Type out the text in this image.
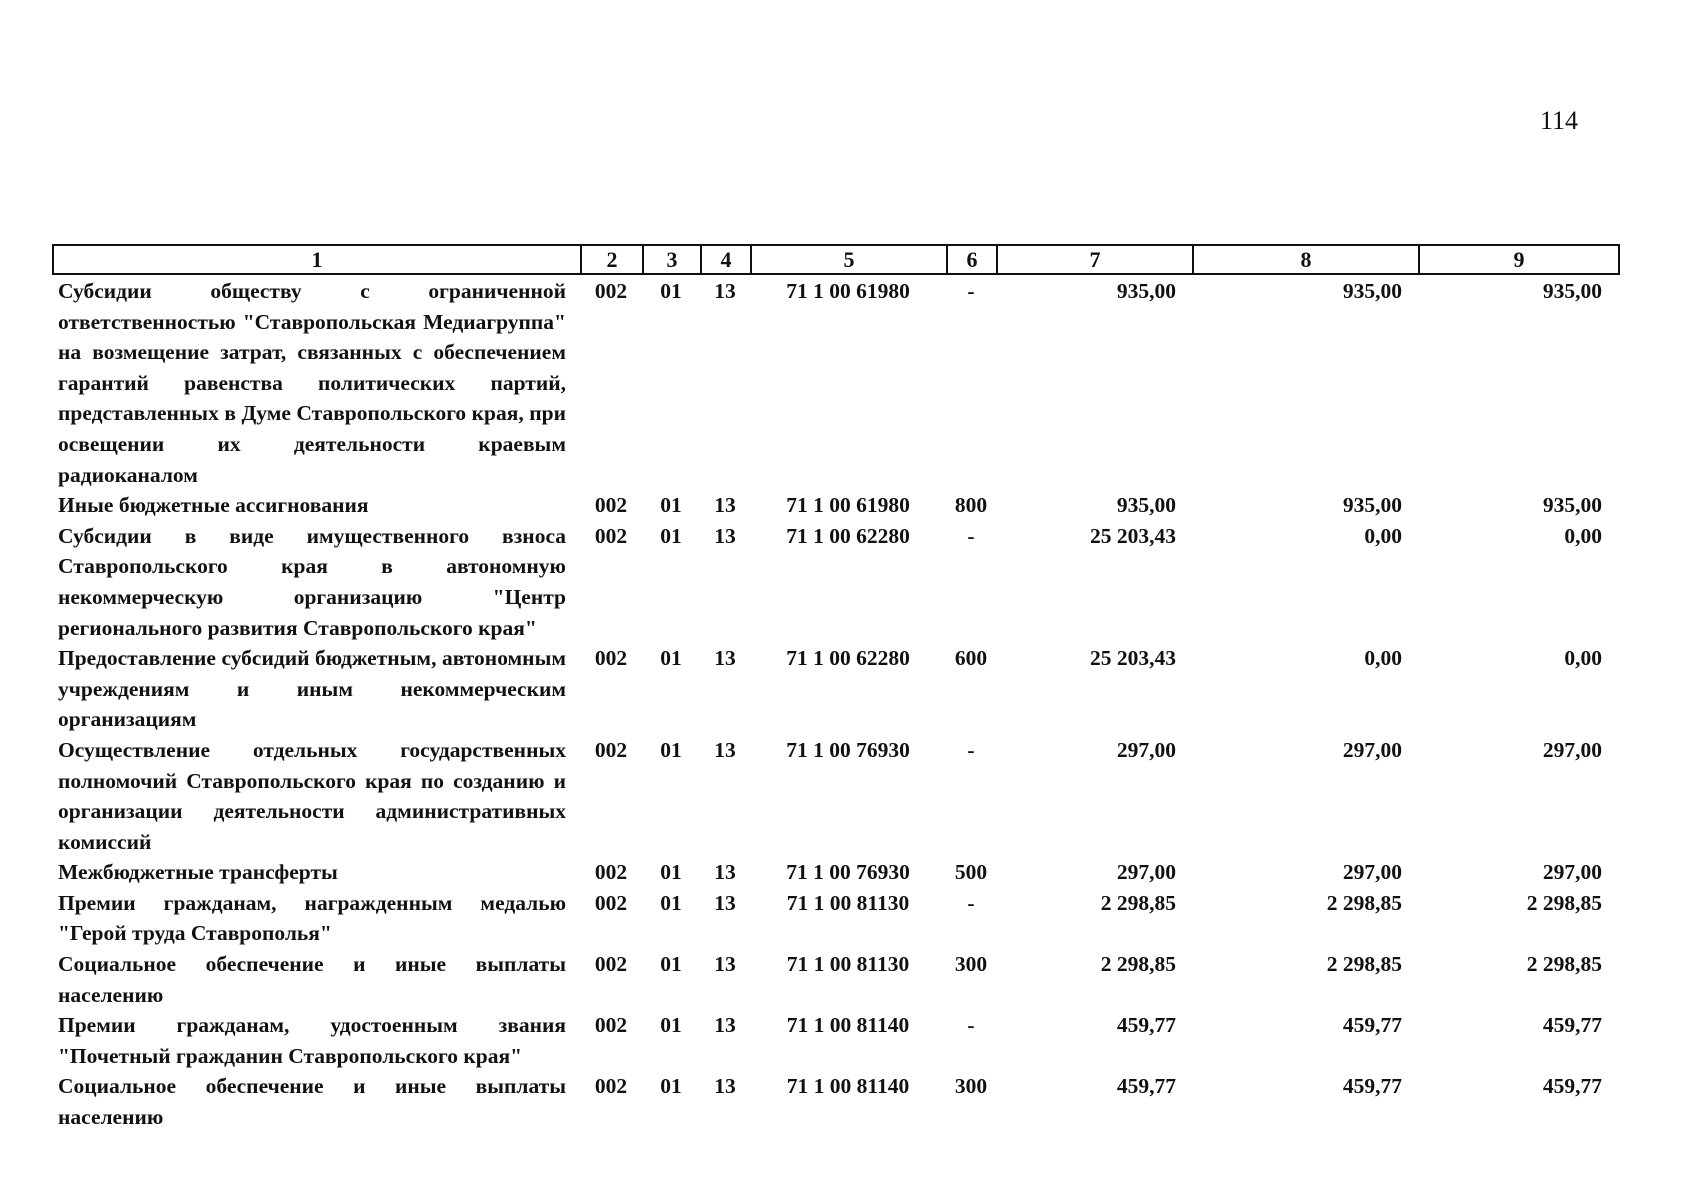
114
1	2	3	4	5	6	7	8	9
Субсидии обществу с ограниченной ответственностью "Ставропольская Медиагруппа" на возмещение затрат, связанных с обеспечением гарантий равенства политических партий, представленных в Думе Ставропольского края, при освещении их деятельности краевым радиоканалом	002	01	13	71 1 00 61980	-	935,00	935,00	935,00
Иные бюджетные ассигнования	002	01	13	71 1 00 61980	800	935,00	935,00	935,00
Субсидии в виде имущественного взноса Ставропольского края в автономную некоммерческую организацию "Центр регионального развития Ставропольского края"	002	01	13	71 1 00 62280	-	25 203,43	0,00	0,00
Предоставление субсидий бюджетным, автономным учреждениям и иным некоммерческим организациям	002	01	13	71 1 00 62280	600	25 203,43	0,00	0,00
Осуществление отдельных государственных полномочий Ставропольского края по созданию и организации деятельности административных комиссий	002	01	13	71 1 00 76930	-	297,00	297,00	297,00
Межбюджетные трансферты	002	01	13	71 1 00 76930	500	297,00	297,00	297,00
Премии гражданам, награжденным медалью "Герой труда Ставрополья"	002	01	13	71 1 00 81130	-	2 298,85	2 298,85	2 298,85
Социальное обеспечение и иные выплаты населению	002	01	13	71 1 00 81130	300	2 298,85	2 298,85	2 298,85
Премии гражданам, удостоенным звания "Почетный гражданин Ставропольского края"	002	01	13	71 1 00 81140	-	459,77	459,77	459,77
Социальное обеспечение и иные выплаты населению	002	01	13	71 1 00 81140	300	459,77	459,77	459,77
